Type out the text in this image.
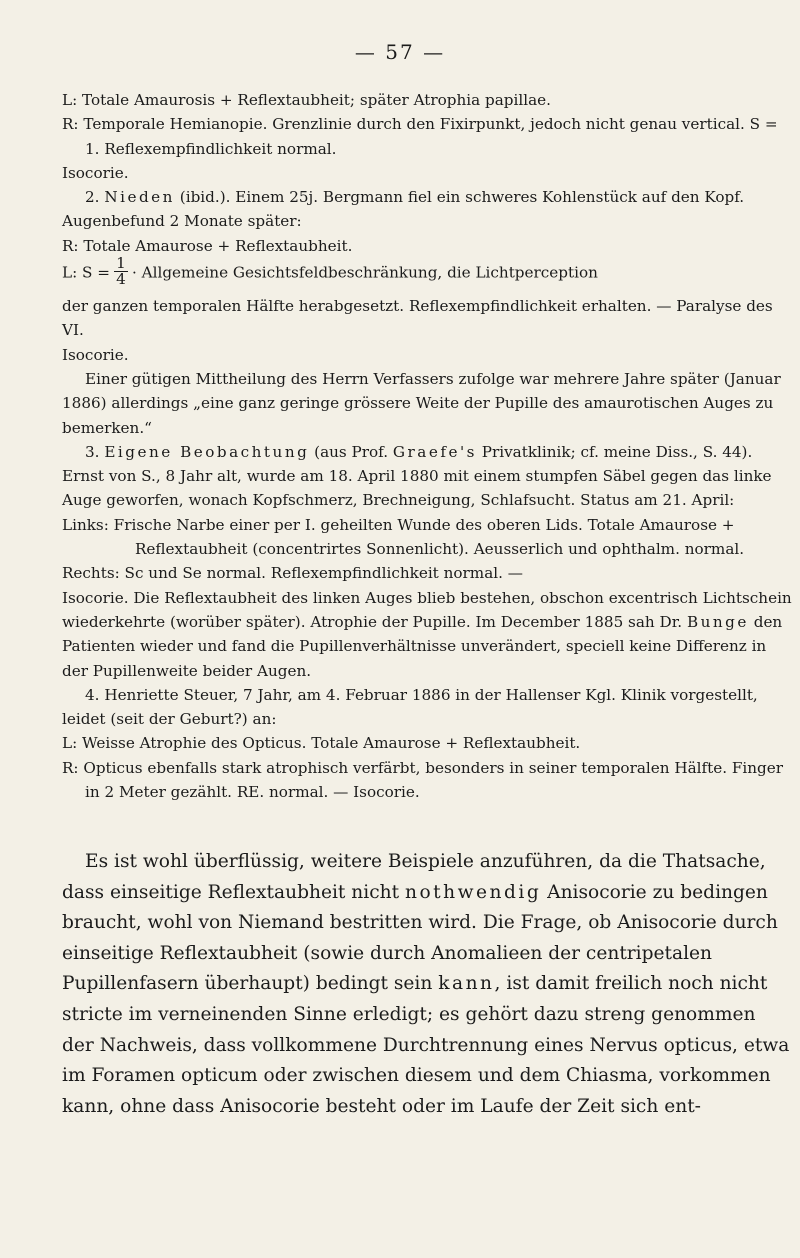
— 57 —

L: Totale Amaurosis + Reflextaubheit; später Atrophia papillae.

R: Temporale Hemianopie. Grenzlinie durch den Fixirpunkt, jedoch nicht genau vertical. S = 1. Reflexempfindlichkeit normal.

Isocorie.

2. Nieden (ibid.). Einem 25j. Bergmann fiel ein schweres Kohlenstück auf den Kopf. Augenbefund 2 Monate später:

R: Totale Amaurose + Reflextaubheit.

L: $S = \frac{1}{4}$ · Allgemeine Gesichtsfeldbeschränkung, die Lichtperception

der ganzen temporalen Hälfte herabgesetzt. Reflexempfindlichkeit erhalten. — Paralyse des VI.

Isocorie.

Einer gütigen Mittheilung des Herrn Verfassers zufolge war mehrere Jahre später (Januar 1886) allerdings „eine ganz geringe grössere Weite der Pupille des amaurotischen Auges zu bemerken.“

3. Eigene Beobachtung (aus Prof. Graefe's Privatklinik; cf. meine Diss., S. 44). Ernst von S., 8 Jahr alt, wurde am 18. April 1880 mit einem stumpfen Säbel gegen das linke Auge geworfen, wonach Kopfschmerz, Brechneigung, Schlafsucht. Status am 21. April:

Links: Frische Narbe einer per I. geheilten Wunde des oberen Lids. Totale Amaurose + Reflextaubheit (concentrirtes Sonnenlicht). Aeusserlich und ophthalm. normal.

Rechts: Sc und Se normal. Reflexempfindlichkeit normal. —

Isocorie. Die Reflextaubheit des linken Auges blieb bestehen, obschon excentrisch Lichtschein wiederkehrte (worüber später). Atrophie der Pupille. Im December 1885 sah Dr. Bunge den Patienten wieder und fand die Pupillenverhältnisse unverändert, speciell keine Differenz in der Pupillenweite beider Augen.

4. Henriette Steuer, 7 Jahr, am 4. Februar 1886 in der Hallenser Kgl. Klinik vorgestellt, leidet (seit der Geburt?) an:

L: Weisse Atrophie des Opticus. Totale Amaurose + Reflextaubheit.

R: Opticus ebenfalls stark atrophisch verfärbt, besonders in seiner temporalen Hälfte. Finger in 2 Meter gezählt. RE. normal. — Isocorie.

Es ist wohl überflüssig, weitere Beispiele anzuführen, da die Thatsache, dass einseitige Reflextaubheit nicht nothwendig Anisocorie zu bedingen braucht, wohl von Niemand bestritten wird. Die Frage, ob Anisocorie durch einseitige Reflextaubheit (sowie durch Anomalieen der centripetalen Pupillenfasern überhaupt) bedingt sein kann, ist damit freilich noch nicht stricte im verneinenden Sinne erledigt; es gehört dazu streng genommen der Nachweis, dass vollkommene Durchtrennung eines Nervus opticus, etwa im Foramen opticum oder zwischen diesem und dem Chiasma, vorkommen kann, ohne dass Anisocorie besteht oder im Laufe der Zeit sich ent-
